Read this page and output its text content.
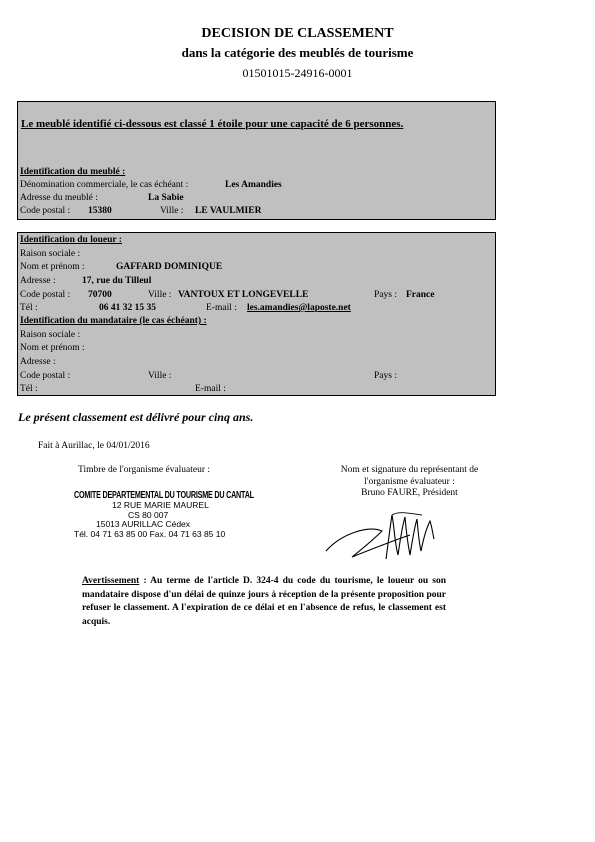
DECISION DE CLASSEMENT
dans la catégorie des meublés de tourisme
01501015-24916-0001
Le meublé identifié ci-dessous est classé 1 étoile pour une capacité de 6 personnes.
Identification du meublé :
Dénomination commerciale, le cas échéant :	Les Amandies
Adresse du meublé :	La Sabie
Code postal : 15380	Ville : LE VAULMIER
Identification du loueur :
Raison sociale :
Nom et prénom :	GAFFARD DOMINIQUE
Adresse :	17, rue du Tilleul
Code postal : 70700	Ville : VANTOUX ET LONGEVELLE	Pays : France
Tél :	06 41 32 15 35	E-mail : les.amandies@laposte.net
Identification du mandataire (le cas échéant) :
Raison sociale :
Nom et prénom :
Adresse :
Code postal :	Ville :	Pays :
Tél :	E-mail :
Le présent classement est délivré pour cinq ans.
Fait à Aurillac, le 04/01/2016
Timbre de l'organisme évaluateur :	Nom et signature du représentant de
l'organisme évaluateur :
Bruno FAURE, Président
COMITE DEPARTEMENTAL DU TOURISME DU CANTAL
12 RUE MARIE MAUREL
CS 80 007
15013 AURILLAC Cédex
Tél. 04 71 63 85 00 Fax. 04 71 63 85 10
Avertissement : Au terme de l'article D. 324-4 du code du tourisme, le loueur ou son mandataire dispose d'un délai de quinze jours à réception de la présente proposition pour refuser le classement. A l'expiration de ce délai et en l'absence de refus, le classement est acquis.
